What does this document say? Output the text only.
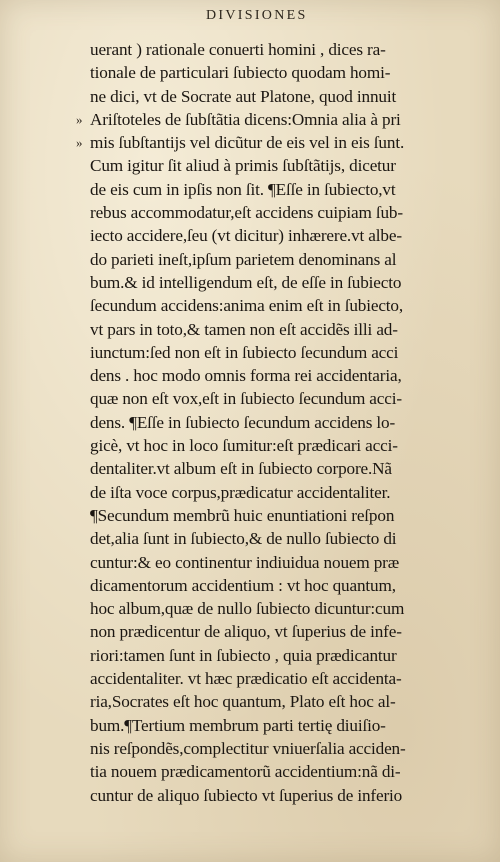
DIVISIONES
uerant ) rationale conuerti homini , dices ra-
tionale de particulari ſubiecto quodam homi-
ne dici, vt de Socrate aut Platone, quod innuit
» Ariſtoteles de ſubſtãtia dicens:Omnia alia à pri
» mis ſubſtantijs vel dicũtur de eis vel in eis ſunt.
Cum igitur ſit aliud à primis ſubſtãtijs, dicetur
de eis cum in ipſis non ſit. ¶Eſſe in ſubiecto,vt
rebus accommodatur,eſt accidens cuipiam ſub-
iecto accidere,ſeu (vt dicitur) inhærere.vt albe-
do parieti ineſt,ipſum parietem denominans al
bum.& id intelligendum eſt, de eſſe in ſubiecto
ſecundum accidens:anima enim eſt in ſubiecto,
vt pars in toto,& tamen non eſt accidẽs illi ad-
iunctum:ſed non eſt in ſubiecto ſecundum acci
dens . hoc modo omnis forma rei accidentaria,
quæ non eſt vox,eſt in ſubiecto ſecundum acci-
dens. ¶Eſſe in ſubiecto ſecundum accidens lo-
gicè, vt hoc in loco ſumitur:eſt prædicari acci-
dentaliter.vt album eſt in ſubiecto corpore.Nã
de iſta voce corpus,prædicatur accidentaliter.
¶Secundum membrũ huic enuntiationi reſpon
det,alia ſunt in ſubiecto,& de nullo ſubiecto di
cuntur:& eo continentur indiuidua nouem præ
dicamentorum accidentium : vt hoc quantum,
hoc album,quæ de nullo ſubiecto dicuntur:cum
non prædicentur de aliquo, vt ſuperius de infe-
riori:tamen ſunt in ſubiecto , quia prædicantur
accidentaliter. vt hæc prædicatio eſt accidenta-
ria,Socrates eſt hoc quantum, Plato eſt hoc al-
bum.¶Tertium membrum parti tertię diuiſio-
nis reſpondẽs,complectitur vniuerſalia acciden-
tia nouem prædicamentorũ accidentium:nã di-
cuntur de aliquo ſubiecto vt ſuperius de inferio
